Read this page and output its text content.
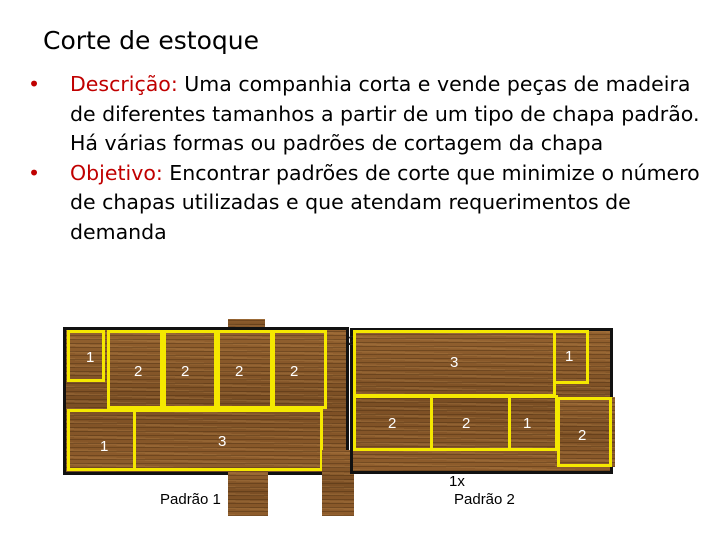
Corte de estoque
• Descrição: Uma companhia corta e vende peças de madeira de diferentes tamanhos a partir de um tipo de chapa padrão. Há várias formas ou padrões de cortagem da chapa
• Objetivo: Encontrar padrões de corte que minimize o número de chapas utilizadas e que atendam requerimentos de demanda
1
2	2	2	2
1	3
Padrão 1
2
3	1
2	2	1
2
1x
Padrão 2
